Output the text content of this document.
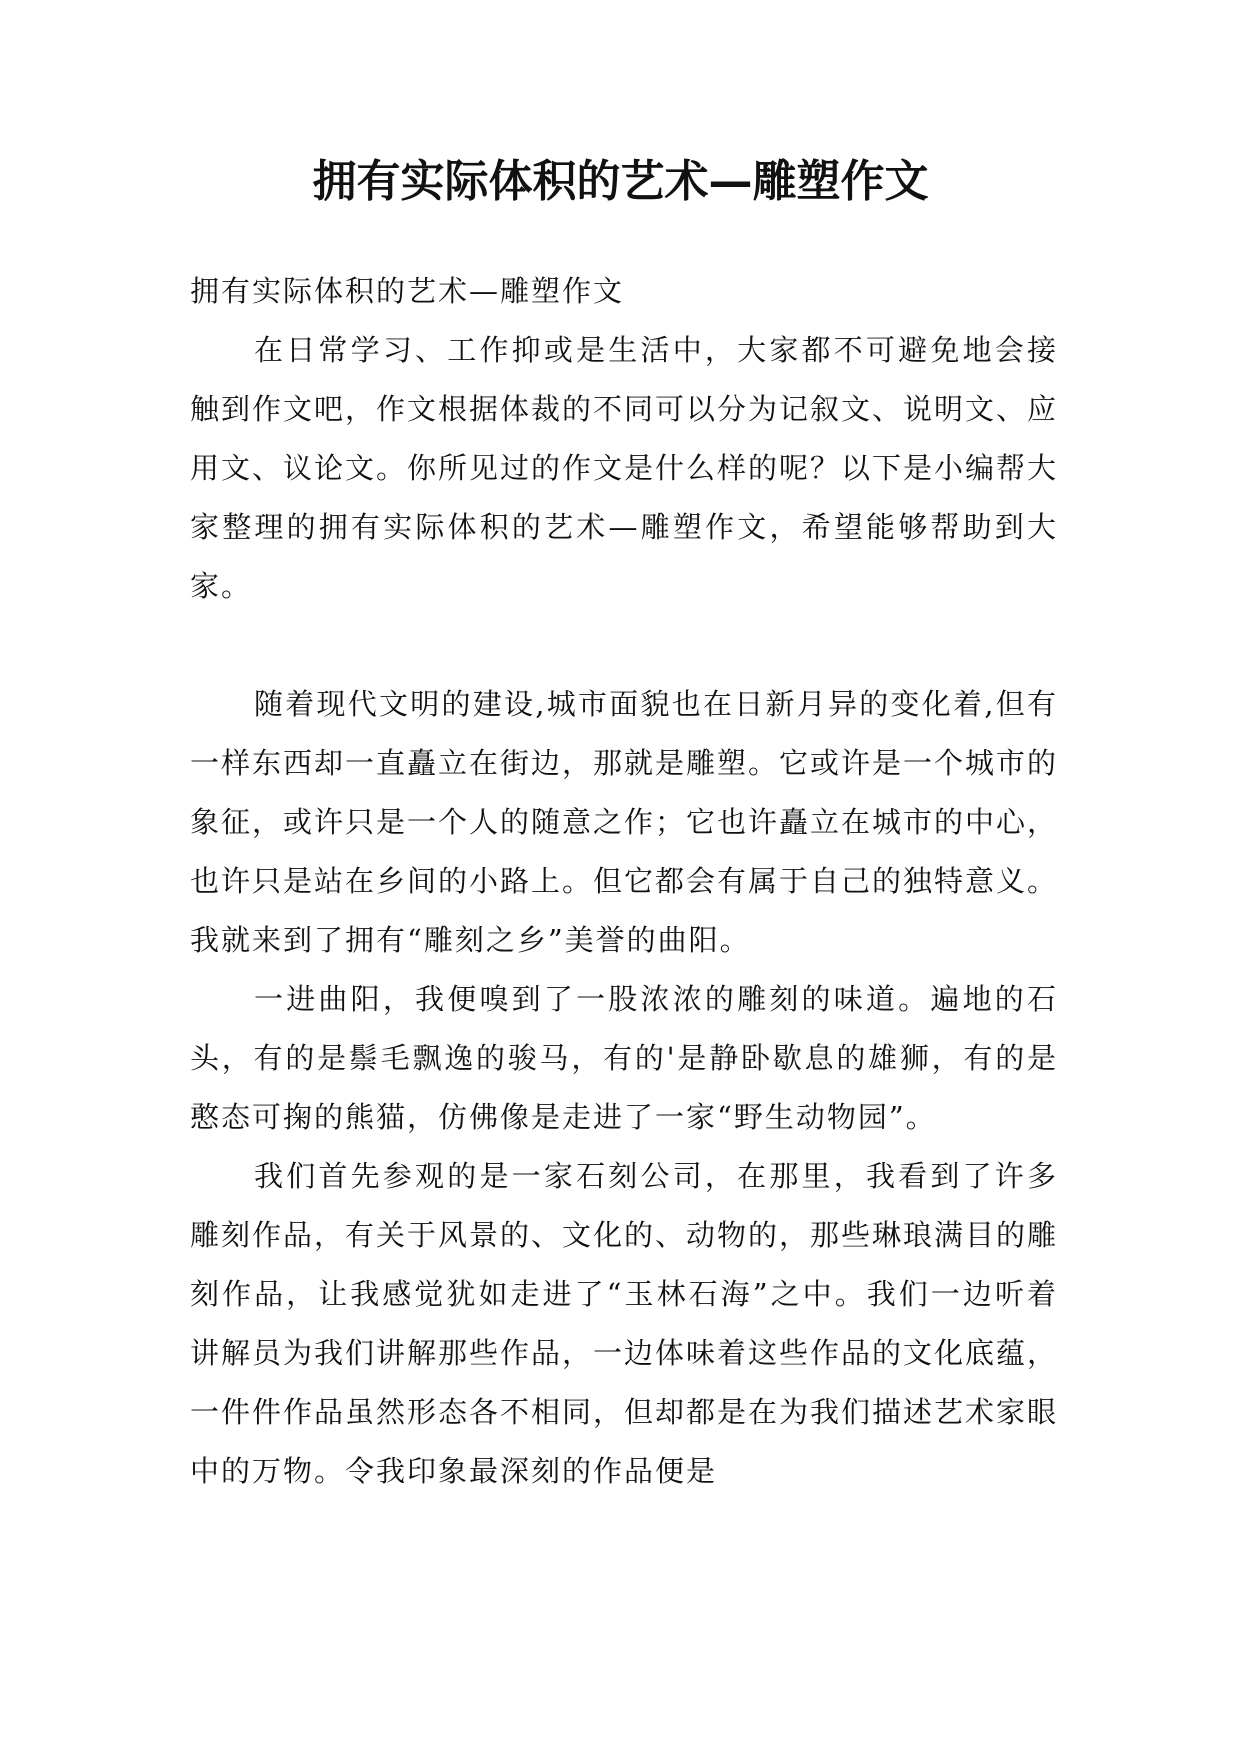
拥有实际体积的艺术—雕塑作文

拥有实际体积的艺术—雕塑作文

在日常学习、工作抑或是生活中，大家都不可避免地会接触到作文吧，作文根据体裁的不同可以分为记叙文、说明文、应用文、议论文。你所见过的作文是什么样的呢？以下是小编帮大家整理的拥有实际体积的艺术—雕塑作文，希望能够帮助到大家。

随着现代文明的建设,城市面貌也在日新月异的变化着,但有一样东西却一直矗立在街边，那就是雕塑。它或许是一个城市的象征，或许只是一个人的随意之作；它也许矗立在城市的中心，也许只是站在乡间的小路上。但它都会有属于自己的独特意义。我就来到了拥有“雕刻之乡”美誉的曲阳。

一进曲阳，我便嗅到了一股浓浓的雕刻的味道。遍地的石头，有的是鬃毛飘逸的骏马，有的'是静卧歇息的雄狮，有的是憨态可掬的熊猫，仿佛像是走进了一家“野生动物园”。

我们首先参观的是一家石刻公司，在那里，我看到了许多雕刻作品，有关于风景的、文化的、动物的，那些琳琅满目的雕刻作品，让我感觉犹如走进了“玉林石海”之中。我们一边听着讲解员为我们讲解那些作品，一边体味着这些作品的文化底蕴，一件件作品虽然形态各不相同，但却都是在为我们描述艺术家眼中的万物。令我印象最深刻的作品便是
